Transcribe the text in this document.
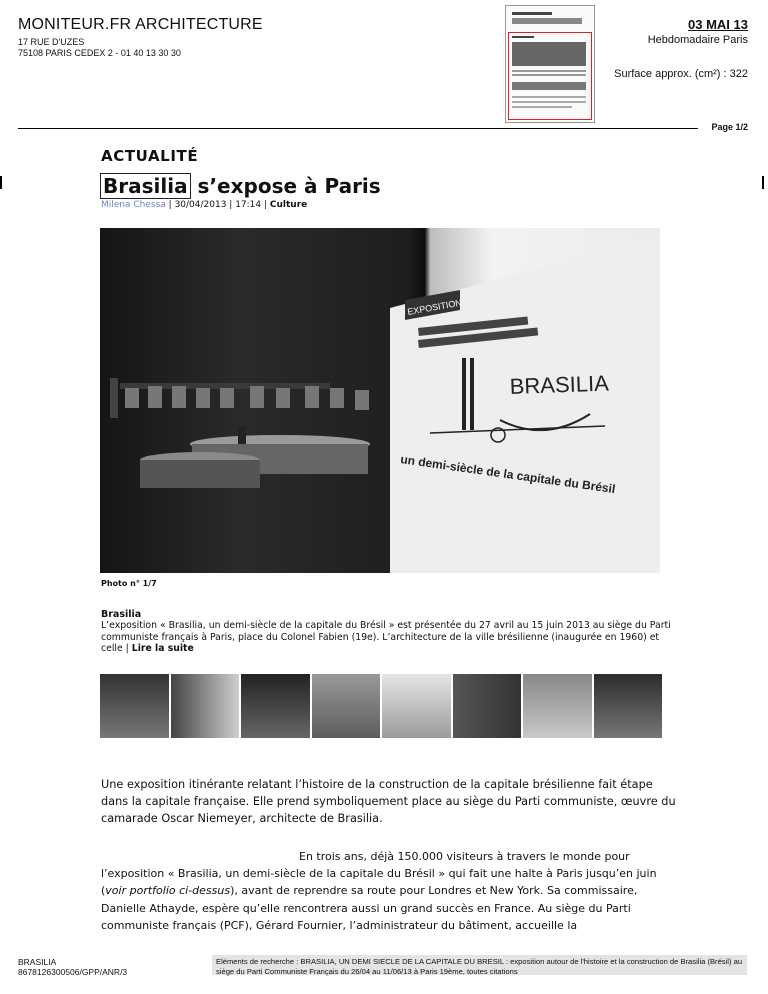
MONITEUR.FR ARCHITECTURE
17 RUE D'UZES
75108 PARIS CEDEX 2 - 01 40 13 30 30
03 MAI 13
Hebdomadaire Paris
Surface approx. (cm²) : 322
Page 1/2
ACTUALITÉ
Brasilia s’expose à Paris
Milena Chessa | 30/04/2013 | 17:14 | Culture
EXPOSITION
BRASILIA
un demi-siècle de la capitale du Brésil
Photo n° 1/7
Brasilia
L’exposition « Brasilia, un demi-siècle de la capitale du Brésil » est présentée du 27 avril au 15 juin 2013 au siège du Parti communiste français à Paris, place du Colonel Fabien (19e). L’architecture de la ville brésilienne (inaugurée en 1960) et celle | Lire la suite
Une exposition itinérante relatant l’histoire de la construction de la capitale brésilienne fait étape dans la capitale française. Elle prend symboliquement place au siège du Parti communiste, œuvre du camarade Oscar Niemeyer, architecte de Brasilia.
En trois ans, déjà 150.000 visiteurs à travers le monde pour l’exposition « Brasilia, un demi-siècle de la capitale du Brésil » qui fait une halte à Paris jusqu’en juin (voir portfolio ci-dessus), avant de reprendre sa route pour Londres et New York. Sa commissaire, Danielle Athayde, espère qu’elle rencontrera aussi un grand succès en France. Au siège du Parti communiste français (PCF), Gérard Fournier, l’administrateur du bâtiment, accueille la
BRASILIA
8678126300506/GPP/ANR/3
Eléments de recherche : BRASILIA, UN DEMI SIECLE DE LA CAPITALE DU BRESIL : exposition autour de l'histoire et la construction de Brasilia (Brésil) au siège du Parti Communiste Français du 26/04 au 11/06/13 à Paris 19ème, toutes citations
